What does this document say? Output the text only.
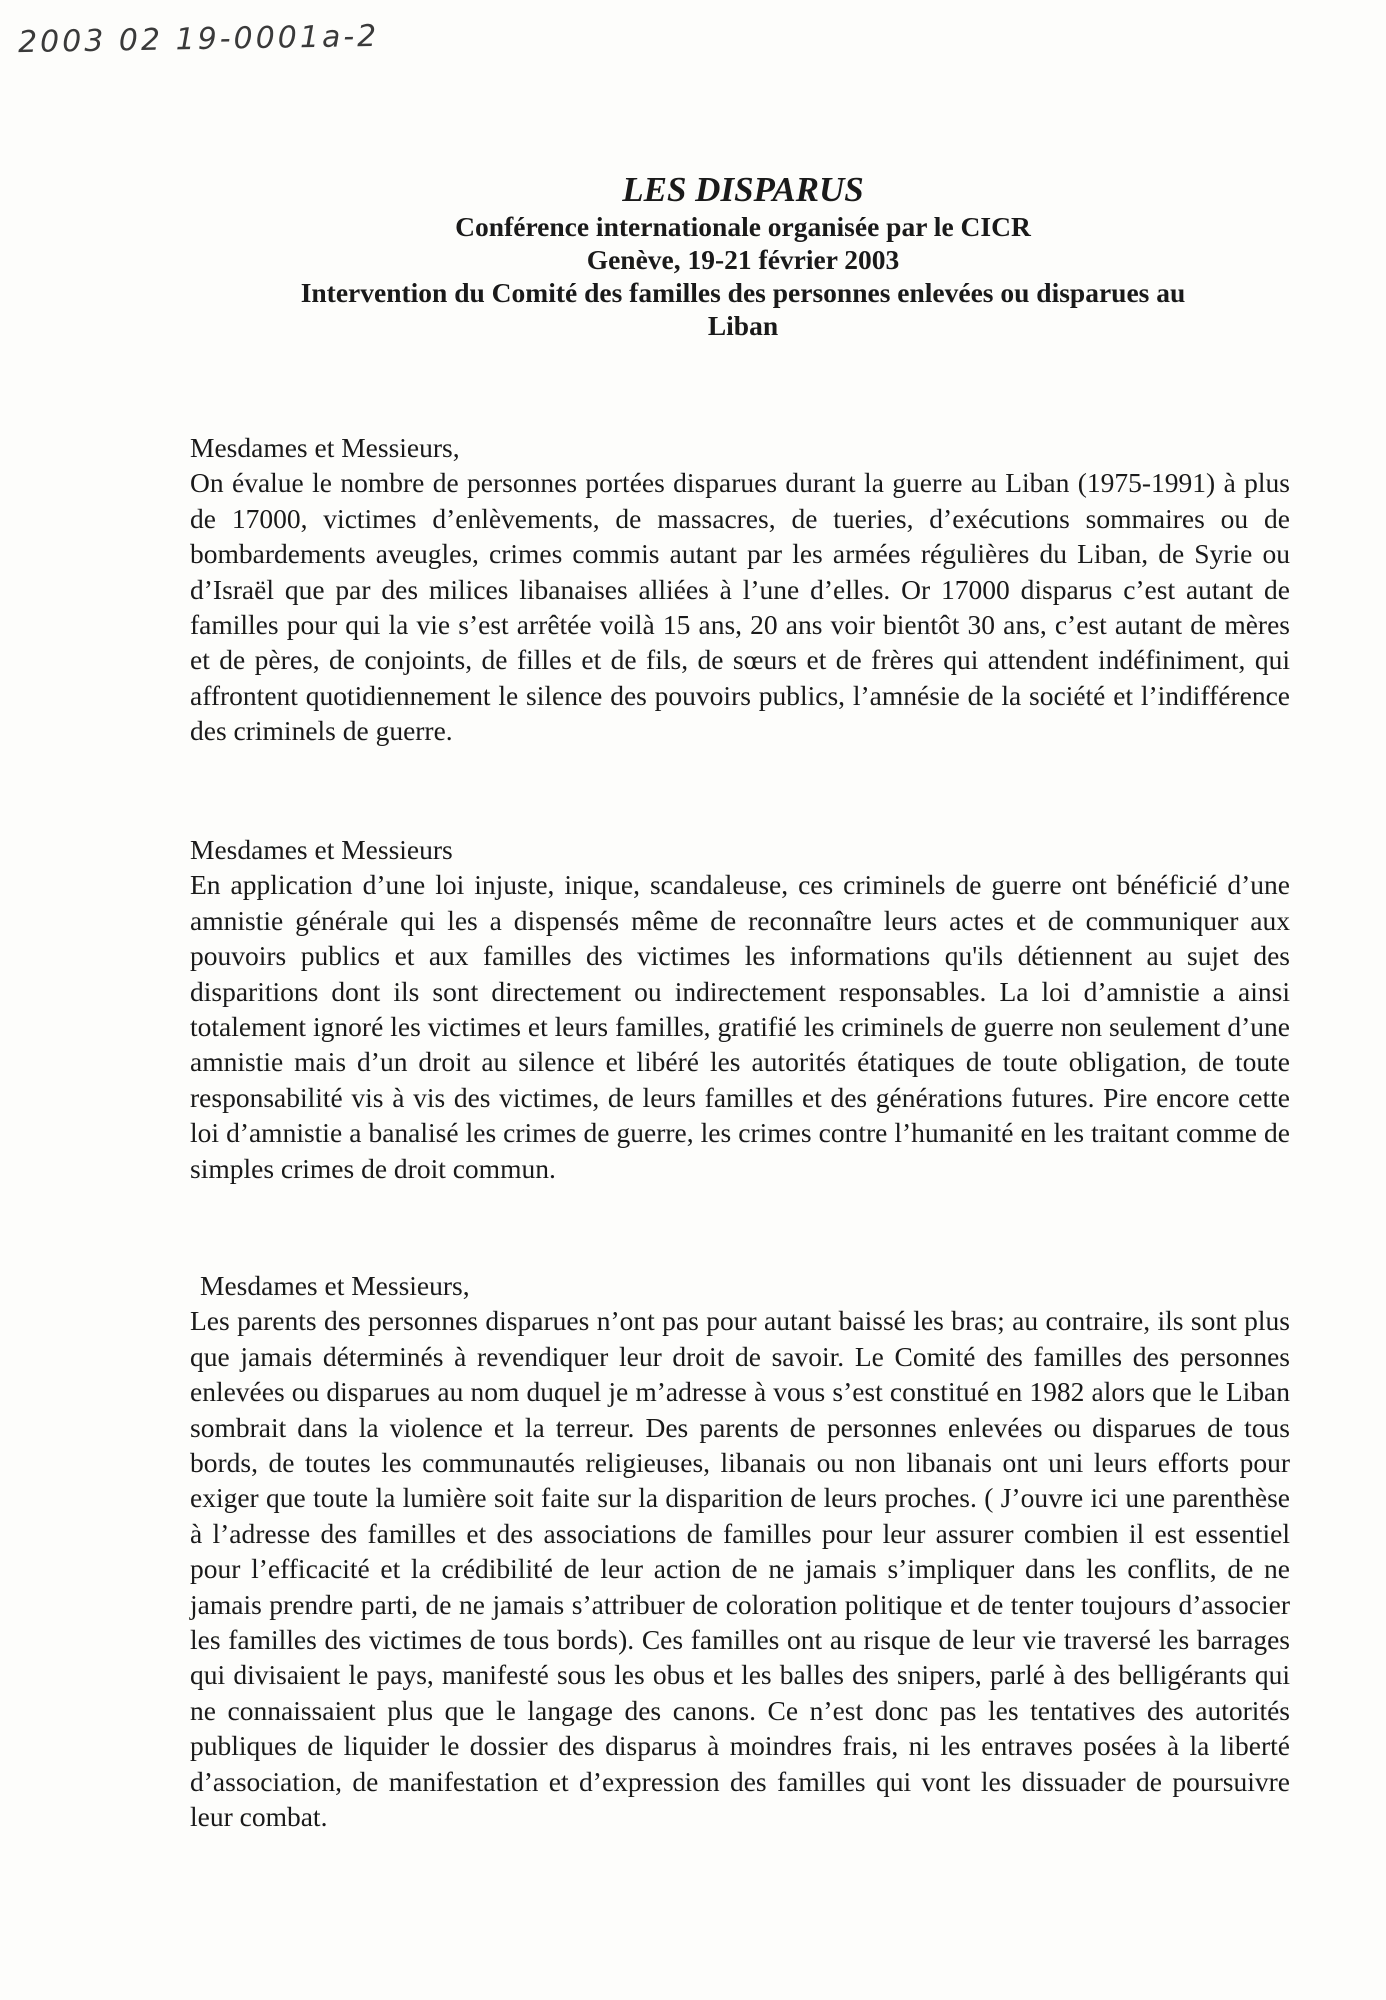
2003 02 19-0001a-2

LES DISPARUS

Conférence internationale organisée par le CICR

Genève, 19-21 février 2003

Intervention du Comité des familles des personnes enlevées ou disparues au

Liban

Mesdames et Messieurs,

On évalue le nombre de personnes portées disparues durant la guerre au Liban (1975-1991) à plus de 17000, victimes d’enlèvements, de massacres, de tueries, d’exécutions sommaires ou de bombardements aveugles, crimes commis autant par les armées régulières du Liban, de Syrie ou d’Israël que par des milices libanaises alliées à l’une d’elles. Or 17000 disparus c’est autant de familles pour qui la vie s’est arrêtée voilà 15 ans, 20 ans voir bientôt 30 ans, c’est autant de mères et de pères, de conjoints, de filles et de fils, de sœurs et de frères qui attendent indéfiniment, qui affrontent quotidiennement le silence des pouvoirs publics, l’amnésie de la société et l’indifférence des criminels de guerre.

Mesdames et Messieurs

En application d’une loi injuste, inique, scandaleuse, ces criminels de guerre ont bénéficié d’une amnistie générale qui les a dispensés même de reconnaître leurs actes et de communiquer aux pouvoirs publics et aux familles des victimes les informations qu'ils détiennent au sujet des disparitions dont ils sont directement ou indirectement responsables. La loi d’amnistie a ainsi totalement ignoré les victimes et leurs familles, gratifié les criminels de guerre non seulement d’une amnistie mais d’un droit au silence et libéré les autorités étatiques de toute obligation, de toute responsabilité vis à vis des victimes, de leurs familles et des générations futures. Pire encore cette loi d’amnistie a banalisé les crimes de guerre, les crimes contre l’humanité en les traitant comme de simples crimes de droit commun.

Mesdames et Messieurs,

Les parents des personnes disparues n’ont pas pour autant baissé les bras; au contraire, ils sont plus que jamais déterminés à revendiquer leur droit de savoir. Le Comité des familles des personnes enlevées ou disparues au nom duquel je m’adresse à vous s’est constitué en 1982 alors que le Liban sombrait dans la violence et la terreur. Des parents de personnes enlevées ou disparues de tous bords, de toutes les communautés religieuses, libanais ou non libanais ont uni leurs efforts pour exiger que toute la lumière soit faite sur la disparition de leurs proches. ( J’ouvre ici une parenthèse à l’adresse des familles et des associations de familles pour leur assurer combien il est essentiel pour l’efficacité et la crédibilité de leur action de ne jamais s’impliquer dans les conflits, de ne jamais prendre parti, de ne jamais s’attribuer de coloration politique et de tenter toujours d’associer les familles des victimes de tous bords). Ces familles ont au risque de leur vie traversé les barrages qui divisaient le pays, manifesté sous les obus et les balles des snipers, parlé à des belligérants qui ne connaissaient plus que le langage des canons. Ce n’est donc pas les tentatives des autorités publiques de liquider le dossier des disparus à moindres frais, ni les entraves posées à la liberté d’association, de manifestation et d’expression des familles qui vont les dissuader de poursuivre leur combat.
